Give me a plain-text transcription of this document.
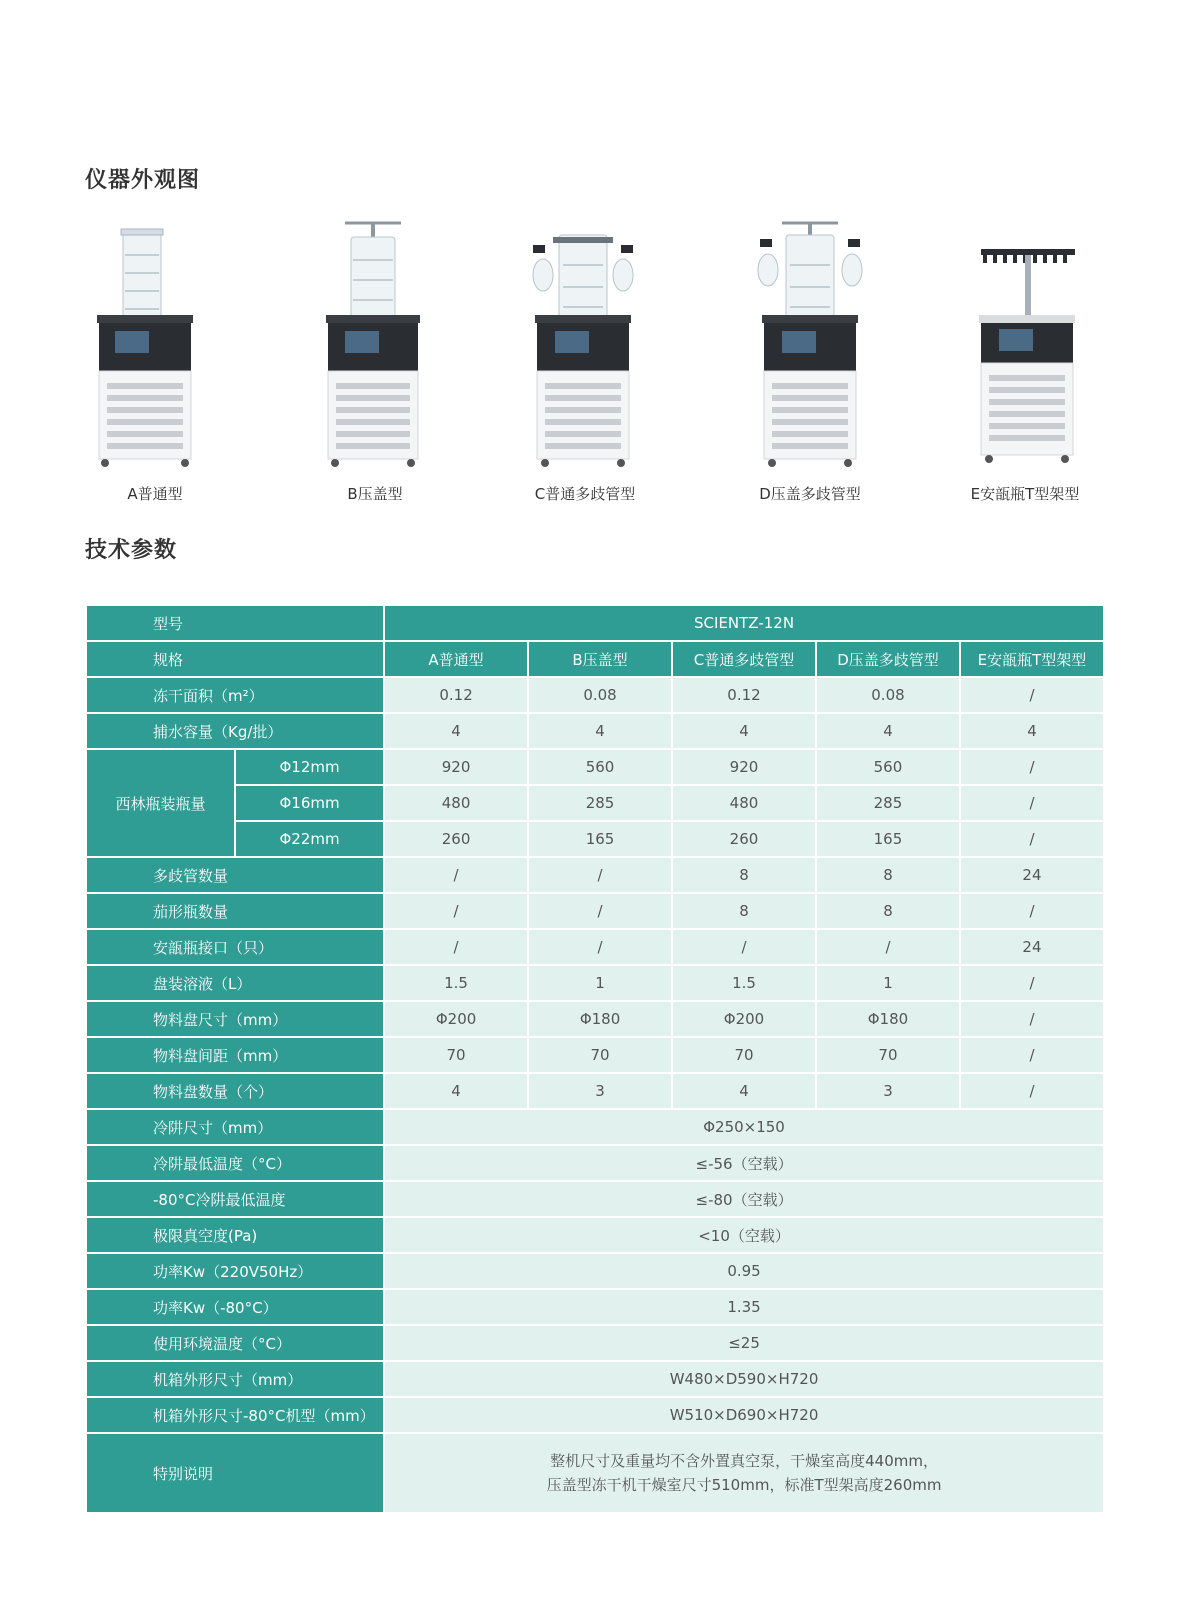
仪器外观图
A普通型	B压盖型	C普通多歧管型	D压盖多歧管型	E安瓿瓶T型架型
技术参数
型号		SCIENTZ-12N				
规格		A普通型	B压盖型	C普通多歧管型	D压盖多歧管型	E安瓿瓶T型架型
冻干面积（m²）		0.12	0.08	0.12	0.08	/
捕水容量（Kg/批）		4	4	4	4	4
西林瓶装瓶量	Φ12mm	920	560	920	560	/
	Φ16mm	480	285	480	285	/
	Φ22mm	260	165	260	165	/
多歧管数量		/	/	8	8	24
茄形瓶数量		/	/	8	8	/
安瓿瓶接口（只）		/	/	/	/	24
盘装溶液（L）		1.5	1	1.5	1	/
物料盘尺寸（mm）		Φ200	Φ180	Φ200	Φ180	/
物料盘间距（mm）		70	70	70	70	/
物料盘数量（个）		4	3	4	3	/
冷阱尺寸（mm）		Φ250×150				
冷阱最低温度（°C）		≤-56（空载）				
-80°C冷阱最低温度		≤-80（空载）				
极限真空度(Pa)		<10（空载）				
功率Kw（220V50Hz）		0.95				
功率Kw（-80°C）		1.35				
使用环境温度（°C）		≤25				
机箱外形尺寸（mm）		W480×D590×H720				
机箱外形尺寸-80°C机型（mm）		W510×D690×H720				
特别说明		整机尺寸及重量均不含外置真空泵，干燥室高度440mm，
压盖型冻干机干燥室尺寸510mm，标准T型架高度260mm				
